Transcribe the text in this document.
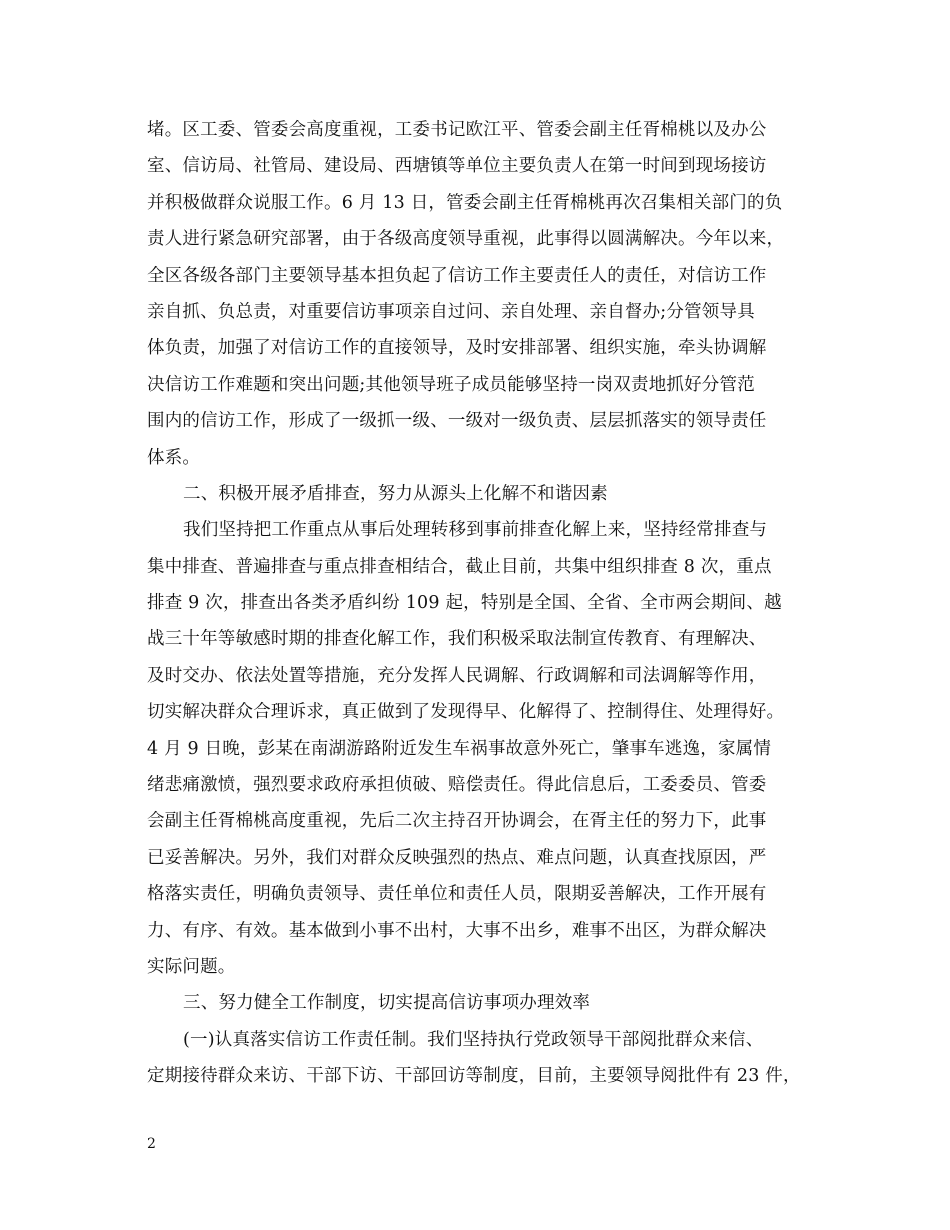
堵。区工委、管委会高度重视，工委书记欧江平、管委会副主任胥棉桃以及办公
室、信访局、社管局、建设局、西塘镇等单位主要负责人在第一时间到现场接访
并积极做群众说服工作。6 月 13 日，管委会副主任胥棉桃再次召集相关部门的负
责人进行紧急研究部署，由于各级高度领导重视，此事得以圆满解决。今年以来，
全区各级各部门主要领导基本担负起了信访工作主要责任人的责任，对信访工作
亲自抓、负总责，对重要信访事项亲自过问、亲自处理、亲自督办;分管领导具
体负责，加强了对信访工作的直接领导，及时安排部署、组织实施，牵头协调解
决信访工作难题和突出问题;其他领导班子成员能够坚持一岗双责地抓好分管范
围内的信访工作，形成了一级抓一级、一级对一级负责、层层抓落实的领导责任
体系。
二、积极开展矛盾排查，努力从源头上化解不和谐因素
我们坚持把工作重点从事后处理转移到事前排查化解上来，坚持经常排查与
集中排查、普遍排查与重点排查相结合，截止目前，共集中组织排查 8 次，重点
排查 9 次，排查出各类矛盾纠纷 109 起，特别是全国、全省、全市两会期间、越
战三十年等敏感时期的排查化解工作，我们积极采取法制宣传教育、有理解决、
及时交办、依法处置等措施，充分发挥人民调解、行政调解和司法调解等作用，
切实解决群众合理诉求，真正做到了发现得早、化解得了、控制得住、处理得好。
4 月 9 日晚，彭某在南湖游路附近发生车祸事故意外死亡，肇事车逃逸，家属情
绪悲痛激愤，强烈要求政府承担侦破、赔偿责任。得此信息后，工委委员、管委
会副主任胥棉桃高度重视，先后二次主持召开协调会，在胥主任的努力下，此事
已妥善解决。另外，我们对群众反映强烈的热点、难点问题，认真查找原因，严
格落实责任，明确负责领导、责任单位和责任人员，限期妥善解决，工作开展有
力、有序、有效。基本做到小事不出村，大事不出乡，难事不出区，为群众解决
实际问题。
三、努力健全工作制度，切实提高信访事项办理效率
(一)认真落实信访工作责任制。我们坚持执行党政领导干部阅批群众来信、
定期接待群众来访、干部下访、干部回访等制度，目前，主要领导阅批件有 23 件，
2
